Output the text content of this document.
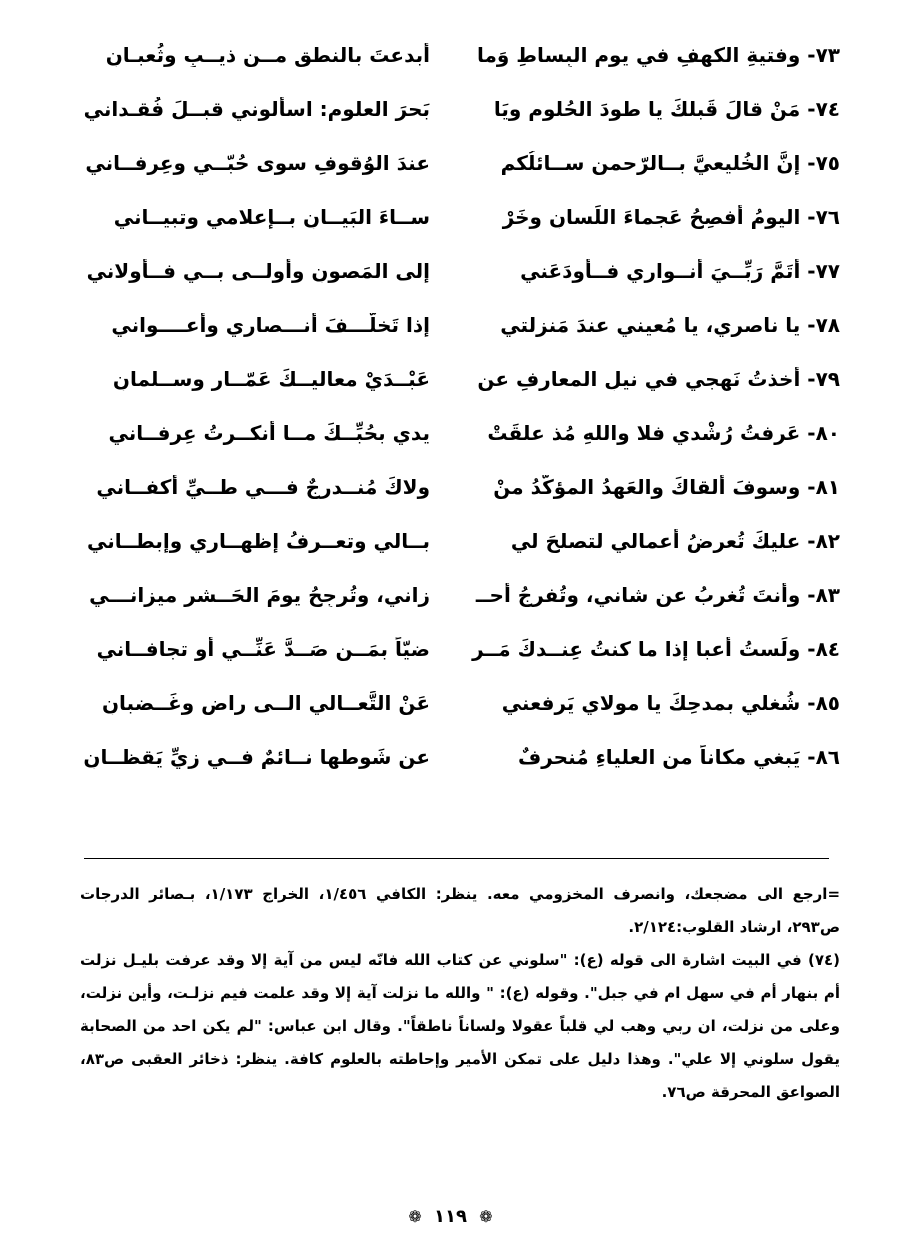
٧٣- وفتيةِ الكهفِ في يومِ البِساطِ وَما
أبدعتَ بالنطقِ مــن ذيــبٍ وثُعبـانِ
٧٤- مَنْ قالَ قَبلكَ يا طودَ الحُلومِ ويَا
بَحرَ العلومِ: اسألوني قبــلَ فُقـداني
٧٥- إنَّ الخُليعيَّ بــالرّحمنِ ســائلُكم
عندَ الوُقوفِ سوى حُبّــي وعِرفــاني
٧٦- اليومُ أُفصِحُ عَجماءَ اللِّسانِ وخَرْ
ســاءَ البَيــانِ بــإعلامي وتبيــاني
٧٧- أَتَمَّ رَبِّــيَ أَنــواري فــأَودَعَني
إلى المَصونِ وأولــى بــي فــأولاني
٧٨- يا ناصري، يا مُعيني عندَ مَنزلتي
إذا تَخلَّـــفَ أَنـــصاري وأعــــواني
٧٩- أخذتُ نَهجي في نيلِ المعارفِ عن
عَبْــدَيْ معاليــكَ عَمّــارٍ وســلمانِ
٨٠- عَرفتُ رُشْدي فلا واللهِ مُذ علقَتْ
يدي بحُبِّــكَ مــا أنكــرتُ عِرفــاني
٨١- وسوفَ ألقاكَ والعَهدُ المؤكَّدُ منْ
ولاكَ مُنــدرجٌ فـــي طــيِّ أكفــاني
٨٢- عليكَ تُعرضُ أعمالي لتصلحَ لي
بــالي وتعــرفُ إظهــاري وإبطــاني
٨٣- وأنتَ تُغرِبُ عن شاني، وتُفرِجُ أحــ
زاني، وتُرجِحُ يومَ الحَــشرِ ميزانـــي
٨٤- ولَستُ أعبا إذا ما كنتُ عِنــدكَ مَــر
ضيّاً بمَــن صَــدَّ عَنِّــي أو تجافــاني
٨٥- شُغلي بمدحِكَ يا مولاي يَرفعني
عَنْ التَّعــالي الــى راضٍ وغَــضبانِ
٨٦- يَبغي مكاناً من العلياءِ مُنحرفٌ
عن شَوطها نــائمٌ فــي زيِّ يَقظــانِ

=ارجع الى مضجعك، وانصرف المخزومي معه. ينظر: الكافي ١/٤٥٦، الخراج ١/١٧٣، بـصائر الدرجات ص٢٩٣، ارشاد القلوب:٢/١٢٤.

(٧٤) في البيت اشارة الى قوله (ع): "سلوني عن كتاب الله فانّه ليس من آية إلا وقد عرفت بليـل نزلت أم بنهار أم في سهل ام في جبل". وقوله (ع): " والله ما نزلت آية إلا وقد علمت فيم نزلـت، وأين نزلت، وعلى من نزلت، ان ربي وهب لي قلباً عقولا ولساناً ناطقاً". وقال ابن عباس: "لم يكن احد من الصحابة يقول سلوني إلا علي". وهذا دليل على تمكن الأمير وإحاطته بالعلوم كافة. ينظر: ذخائر العقبى ص٨٣، الصواعق المحرقة ص٧٦.

❁ ١١٩ ❁
